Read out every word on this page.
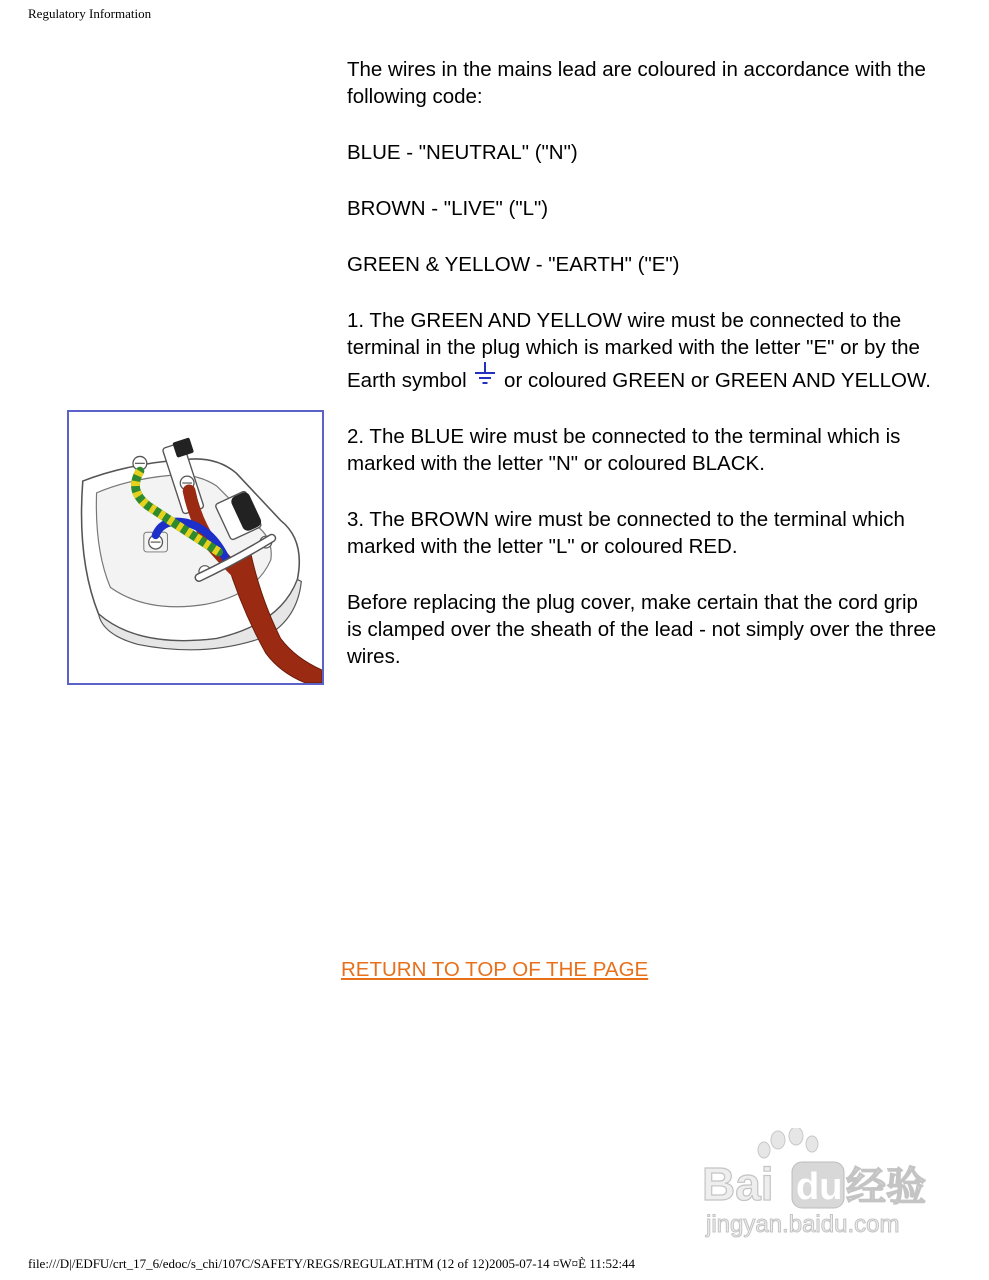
Regulatory Information

The wires in the mains lead are coloured in accordance with the following code:

BLUE - "NEUTRAL" ("N")

BROWN - "LIVE" ("L")

GREEN & YELLOW - "EARTH" ("E")

1. The GREEN AND YELLOW wire must be connected to the terminal in the plug which is marked with the letter "E" or by the Earth symbol or coloured GREEN or GREEN AND YELLOW.

2. The BLUE wire must be connected to the terminal which is marked with the letter "N" or coloured BLACK.

3. The BROWN wire must be connected to the terminal which marked with the letter "L" or coloured RED.

Before replacing the plug cover, make certain that the cord grip is clamped over the sheath of the lead - not simply over the three wires.

RETURN TO TOP OF THE PAGE
Bai du 经验
jingyan.baidu.com
file:///D|/EDFU/crt_17_6/edoc/s_chi/107C/SAFETY/REGS/REGULAT.HTM (12 of 12)2005-07-14 ¤W¤È 11:52:44
